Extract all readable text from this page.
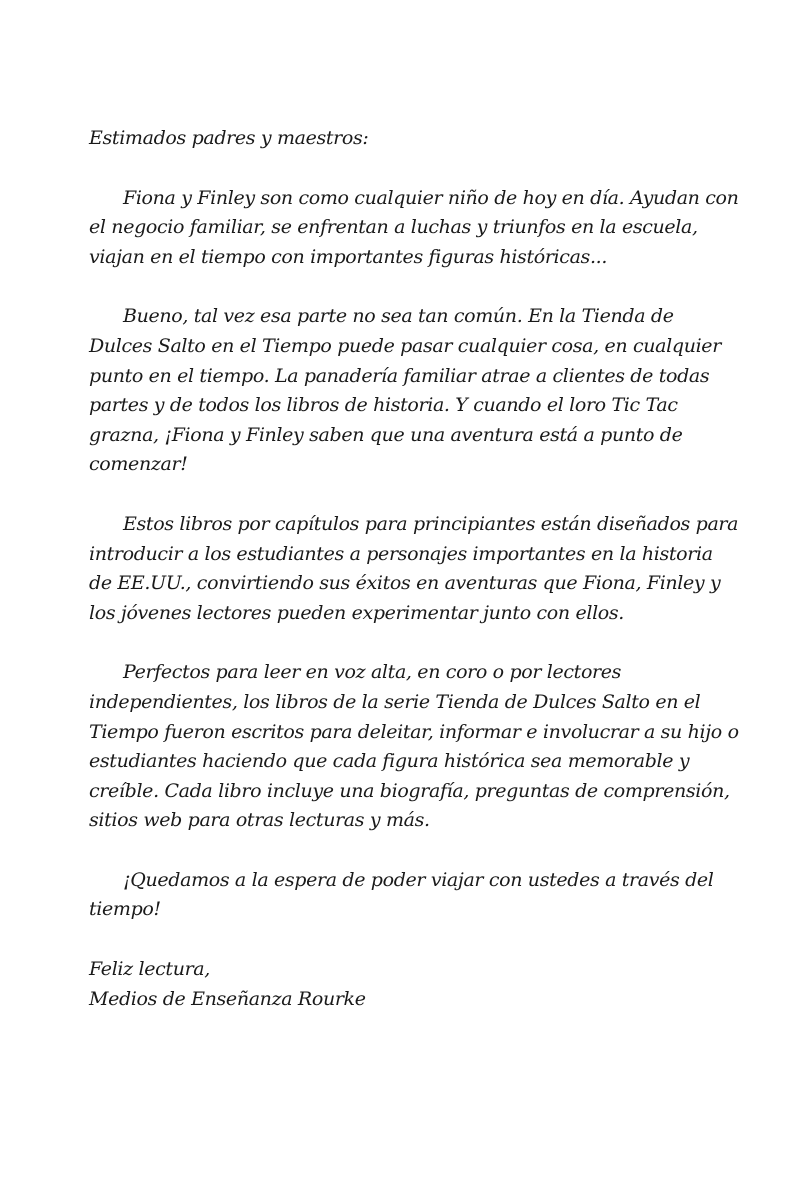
Estimados padres y maestros:

Fiona y Finley son como cualquier niño de hoy en día. Ayudan con el negocio familiar, se enfrentan a luchas y triunfos en la escuela, viajan en el tiempo con importantes figuras históricas...

Bueno, tal vez esa parte no sea tan común. En la Tienda de Dulces Salto en el Tiempo puede pasar cualquier cosa, en cualquier punto en el tiempo. La panadería familiar atrae a clientes de todas partes y de todos los libros de historia. Y cuando el loro Tic Tac grazna, ¡Fiona y Finley saben que una aventura está a punto de comenzar!

Estos libros por capítulos para principiantes están diseñados para introducir a los estudiantes a personajes importantes en la historia de EE.UU., convirtiendo sus éxitos en aventuras que Fiona, Finley y los jóvenes lectores pueden experimentar junto con ellos.

Perfectos para leer en voz alta, en coro o por lectores independientes, los libros de la serie Tienda de Dulces Salto en el Tiempo fueron escritos para deleitar, informar e involucrar a su hijo o estudiantes haciendo que cada figura histórica sea memorable y creíble. Cada libro incluye una biografía, preguntas de comprensión, sitios web para otras lecturas y más.

¡Quedamos a la espera de poder viajar con ustedes a través del tiempo!

Feliz lectura,

Medios de Enseñanza Rourke
